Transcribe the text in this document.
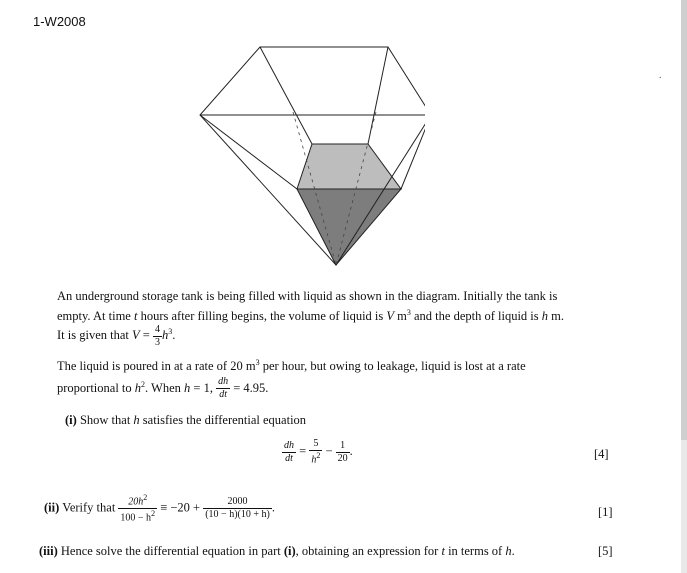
1-W2008
.
An underground storage tank is being filled with liquid as shown in the diagram. Initially the tank is
empty. At time t hours after filling begins, the volume of liquid is V $m^3$ and the depth of liquid is h m.
It is given that $V = \frac{4}{3} h^3$.
The liquid is poured in at a rate of 20 $m^3$ per hour, but owing to leakage, liquid is lost at a rate
proportional to $h^2$. When h = 1, $\frac{dh}{dt} = 4.95$.
(i) Show that h satisfies the differential equation
$\frac{dh}{dt} = \frac{5}{h^2} - \frac{1}{20}$ .	[4]
(ii) Verify that $\frac{20h^2}{100 - h^2} \equiv -20 + \frac{2000}{(10 - h)(10 + h)}$ .	[1]
(iii) Hence solve the differential equation in part (i), obtaining an expression for t in terms of h.	[5]
